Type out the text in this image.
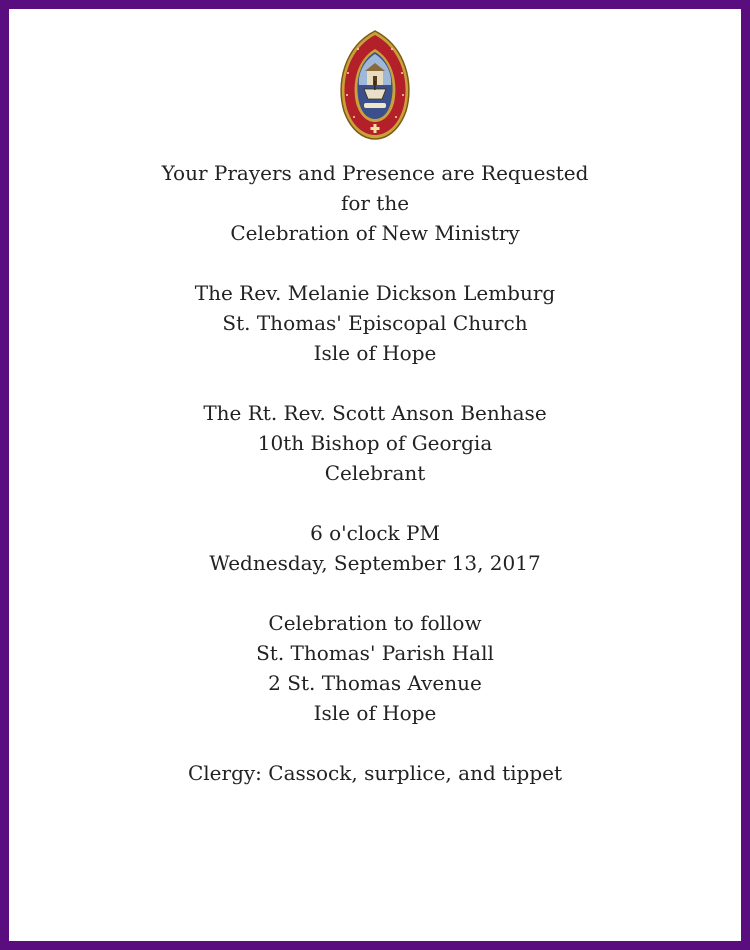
Your Prayers and Presence are Requested
for the
Celebration of New Ministry
The Rev. Melanie Dickson Lemburg
St. Thomas' Episcopal Church
Isle of Hope
The Rt. Rev. Scott Anson Benhase
10th Bishop of Georgia
Celebrant
6 o'clock PM
Wednesday, September 13, 2017
Celebration to follow
St. Thomas' Parish Hall
2 St. Thomas Avenue
Isle of Hope
Clergy: Cassock, surplice, and tippet
